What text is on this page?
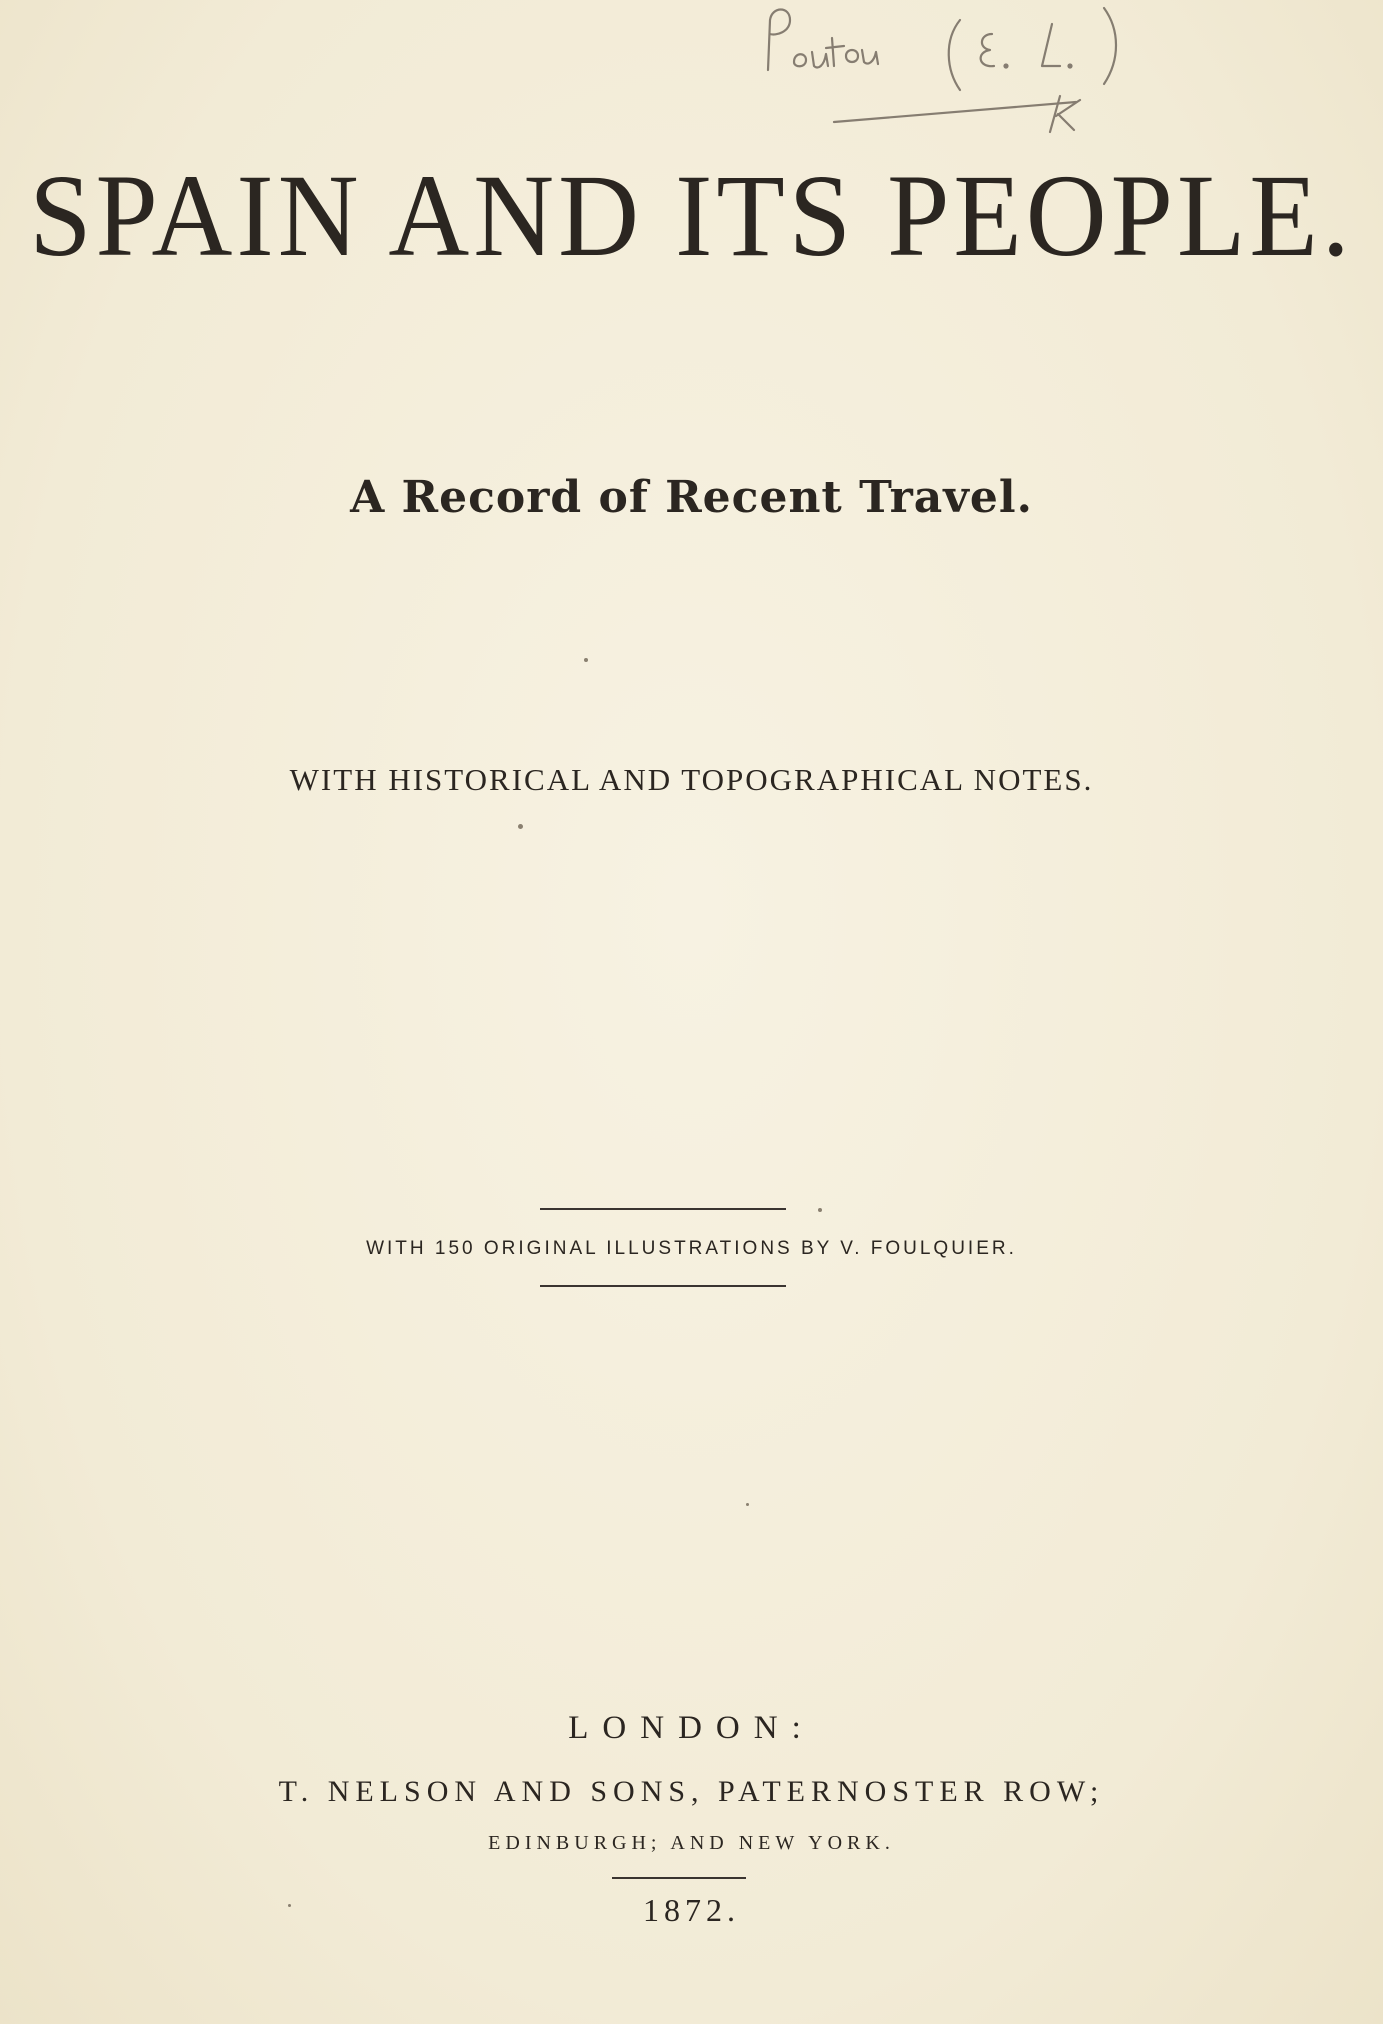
SPAIN AND ITS PEOPLE.
A Record of Recent Travel.
WITH HISTORICAL AND TOPOGRAPHICAL NOTES.
WITH 150 ORIGINAL ILLUSTRATIONS BY V. FOULQUIER.
LONDON:
T. NELSON AND SONS, PATERNOSTER ROW;
EDINBURGH; AND NEW YORK.
1872.
